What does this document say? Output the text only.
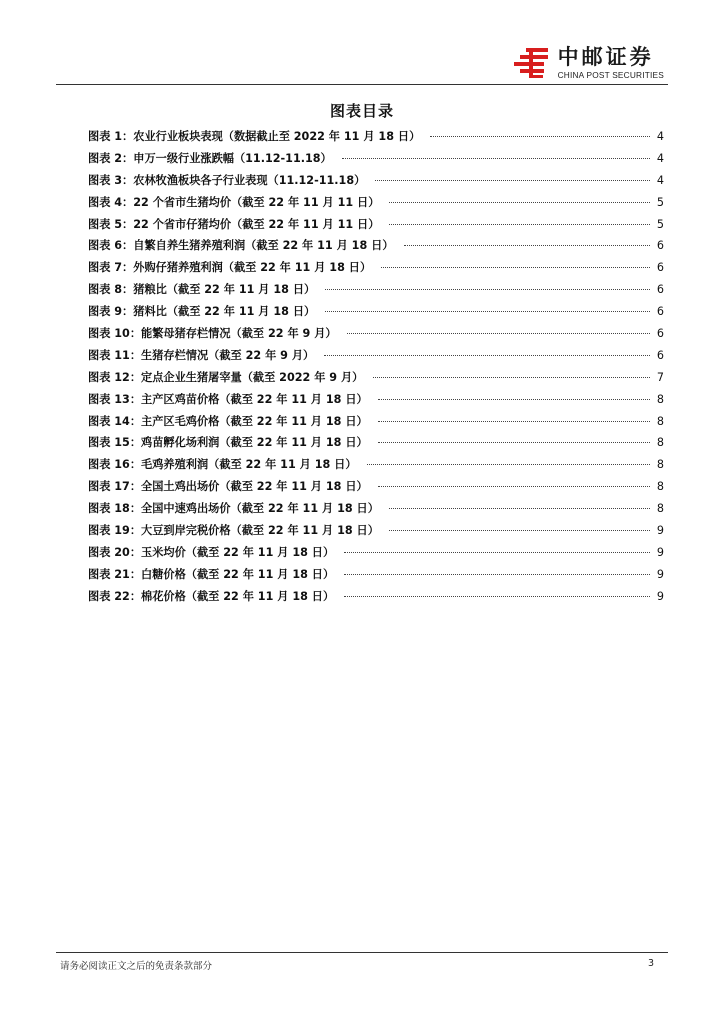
中邮证券
CHINA POST SECURITIES
图表目录
图表 1： 农业行业板块表现（数据截止至 2022 年 11 月 18 日）	4
图表 2： 申万一级行业涨跌幅（11.12-11.18）	4
图表 3： 农林牧渔板块各子行业表现（11.12-11.18）	4
图表 4： 22 个省市生猪均价（截至 22 年 11 月 11 日）	5
图表 5： 22 个省市仔猪均价（截至 22 年 11 月 11 日）	5
图表 6： 自繁自养生猪养殖利润（截至 22 年 11 月 18 日）	6
图表 7： 外购仔猪养殖利润（截至 22 年 11 月 18 日）	6
图表 8： 猪粮比（截至 22 年 11 月 18 日）	6
图表 9： 猪料比（截至 22 年 11 月 18 日）	6
图表 10： 能繁母猪存栏情况（截至 22 年 9 月）	6
图表 11： 生猪存栏情况（截至 22 年 9 月）	6
图表 12： 定点企业生猪屠宰量（截至 2022 年 9 月）	7
图表 13： 主产区鸡苗价格（截至 22 年 11 月 18 日）	8
图表 14： 主产区毛鸡价格（截至 22 年 11 月 18 日）	8
图表 15： 鸡苗孵化场利润（截至 22 年 11 月 18 日）	8
图表 16： 毛鸡养殖利润（截至 22 年 11 月 18 日）	8
图表 17： 全国土鸡出场价（截至 22 年 11 月 18 日）	8
图表 18： 全国中速鸡出场价（截至 22 年 11 月 18 日）	8
图表 19： 大豆到岸完税价格（截至 22 年 11 月 18 日）	9
图表 20： 玉米均价（截至 22 年 11 月 18 日）	9
图表 21： 白糖价格（截至 22 年 11 月 18 日）	9
图表 22： 棉花价格（截至 22 年 11 月 18 日）	9
请务必阅读正文之后的免责条款部分	3
